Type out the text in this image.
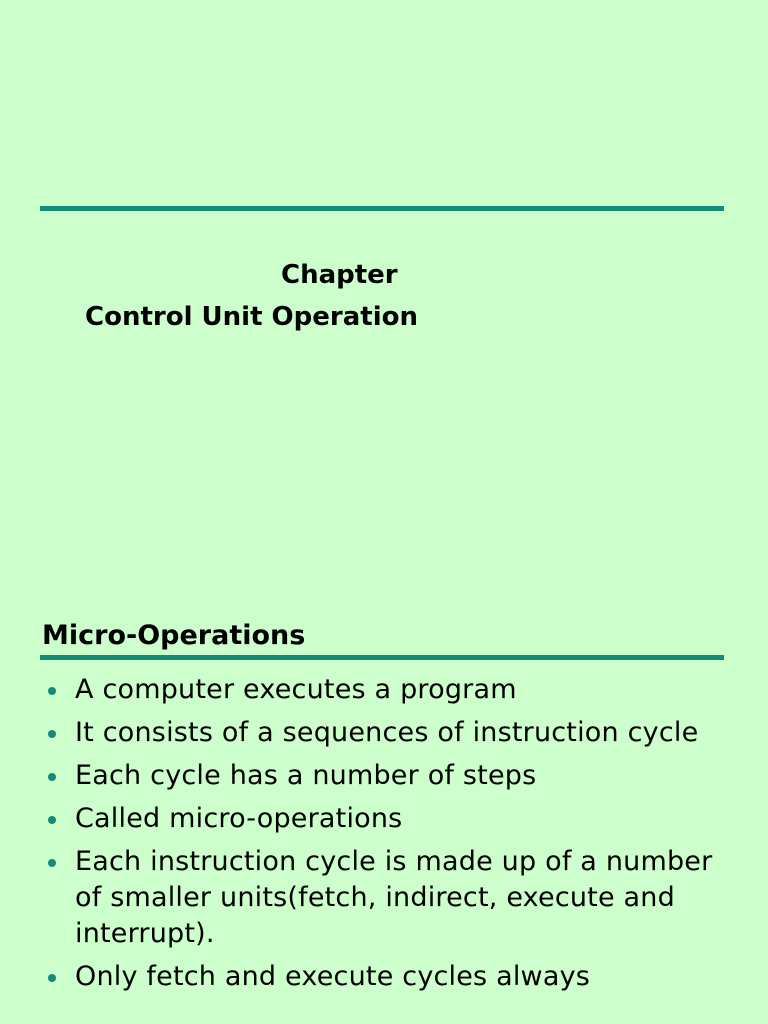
Chapter
Control Unit Operation
Micro-Operations
A computer executes a program
It consists of a sequences of instruction cycle
Each cycle has a number of steps
Called micro-operations
Each instruction cycle is made up of a number of smaller units(fetch, indirect, execute and interrupt).
Only fetch and execute cycles always
